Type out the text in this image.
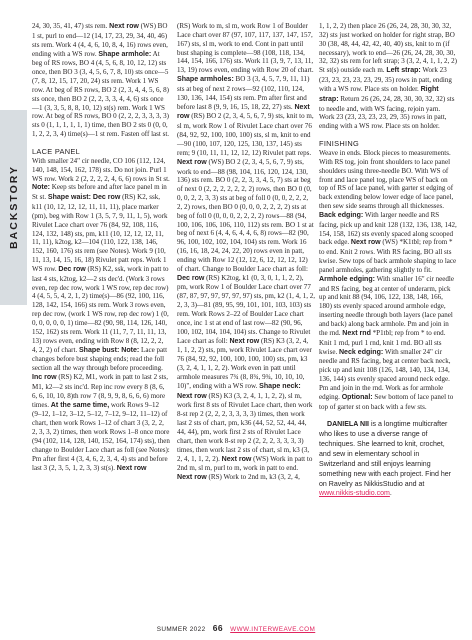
BACKSTORY

24, 30, 35, 41, 47) sts rem. Next row (WS) BO 1 st, purl to end—12 (14, 17, 23, 29, 34, 40, 46) sts rem. Work 4 (4, 4, 6, 10, 8, 4, 16) rows even, ending with a WS row. Shape armhole: At beg of RS rows, BO 4 (4, 5, 6, 8, 10, 12, 12) sts once, then BO 3 (3, 4, 5, 6, 7, 8, 10) sts once—5 (7, 8, 12, 15, 17, 20, 24) sts rem. Work 1 WS row. At beg of RS rows, BO 2 (2, 3, 4, 4, 5, 6, 8) sts once, then BO 2 (2, 2, 3, 3, 4, 4, 6) sts once—1 (3, 3, 5, 8, 8, 10, 12) st(s) rem. Work 1 WS row. At beg of RS rows, BO 0 (2, 2, 2, 3, 3, 3, 3) sts 0 (1, 1, 1, 1, 1, 1) time, then BO 2 sts 0 (0, 0, 1, 2, 2, 3, 4) time(s)—1 st rem. Fasten off last st.

LACE PANEL

With smaller 24" cir needle, CO 106 (112, 124, 140, 148, 154, 162, 178) sts. Do not join. Purl 1 WS row. Work 2 (2, 2, 2, 2, 4, 6, 6) rows in St st. Note: Keep sts before and after lace panel m in St st. Shape waist: Dec row (RS) K2, ssk, k11 (10, 12, 12, 12, 11, 11, 11), place marker (pm), beg with Row 1 (3, 5, 7, 9, 11, 1, 5), work Rivulet Lace chart over 76 (84, 92, 108, 116, 124, 132, 148) sts, pm, k11 (10, 12, 12, 12, 11, 11, 11), k2tog, k2—104 (110, 122, 138, 146, 152, 160, 176) sts rem (see Notes). Work 9 (10, 11, 13, 14, 15, 16, 18) Rivulet patt reps. Work 1 WS row. Dec row (RS) K2, ssk, work in patt to last 4 sts, k2tog, k2—2 sts dec'd. (Work 3 rows even, rep dec row, work 1 WS row, rep dec row) 4 (4, 5, 5, 4, 2, 1, 2) time(s)—86 (92, 100, 116, 128, 142, 154, 166) sts rem. Work 3 rows even, rep dec row, (work 1 WS row, rep dec row) 1 (0, 0, 0, 0, 0, 0, 1) time—82 (90, 98, 114, 126, 140, 152, 162) sts rem. Work 11 (11, 7, 7, 11, 11, 13, 13) rows even, ending with Row 8 (8, 12, 2, 2, 4, 2, 2) of chart. Shape bust: Note: Lace patt changes before bust shaping ends; read the foll section all the way through before proceeding. Inc row (RS) K2, M1, work in patt to last 2 sts, M1, k2—2 sts inc'd. Rep inc row every 8 (8, 6, 6, 6, 10, 10, 8)th row 7 (8, 9, 9, 8, 6, 6, 6) more times. At the same time, work Rows 9–12 (9–12, 1–12, 3–12, 5–12, 7–12, 9–12, 11–12) of chart, then work Rows 1–12 of chart 3 (3, 2, 2, 2, 3, 3, 2) times, then work Rows 1–8 once more (94 (102, 114, 128, 140, 152, 164, 174) sts), then change to Boulder Lace chart as foll (see Notes): Pm after first 4 (3, 4, 6, 2, 3, 4, 4) sts and before last 3 (2, 3, 5, 1, 2, 3, 3) st(s). Next row

(RS) Work to m, sl m, work Row 1 of Boulder Lace chart over 87 (97, 107, 117, 137, 147, 157, 167) sts, sl m, work to end. Cont in patt until bust shaping is complete—98 (108, 118, 134, 144, 154, 166, 176) sts. Work 11 (3, 9, 7, 13, 11, 13, 19) rows even, ending with Row 20 of chart. Shape armholes: BO 3 (3, 4, 5, 7, 9, 11, 11) sts at beg of next 2 rows—92 (102, 110, 124, 130, 136, 144, 154) sts rem. Pm after first and before last 8 (9, 9, 16, 15, 18, 22, 27) sts. Next row (RS) BO 2 (2, 3, 4, 5, 6, 7, 9) sts, knit to m, sl m, work Row 1 of Rivulet Lace chart over 76 (84, 92, 92, 100, 100, 100) sts, sl m, knit to end—90 (100, 107, 120, 125, 130, 137, 145) sts rem; 9 (10, 11, 11, 12, 12, 12) Rivulet patt reps. Next row (WS) BO 2 (2, 3, 4, 5, 6, 7, 9) sts, work to end—88 (98, 104, 116, 120, 124, 130, 136) sts rem. BO 0 (2, 2, 3, 3, 4, 5, 7) sts at beg of next 0 (2, 2, 2, 2, 2, 2, 2) rows, then BO 0 (0, 0, 0, 2, 2, 3, 3) sts at beg of foll 0 (0, 0, 2, 2, 2, 2, 2) rows, then BO 0 (0, 0, 0, 2, 2, 2, 2) sts at beg of foll 0 (0, 0, 0, 2, 2, 2, 2) rows—88 (94, 100, 106, 106, 106, 110, 112) sts rem. BO 1 st at beg of next 6 (4, 4, 6, 4, 4, 6, 8) rows—82 (90, 96, 100, 102, 102, 104, 104) sts rem. Work 16 (16, 16, 18, 24, 24, 22, 20) rows even in patt, ending with Row 12 (12, 12, 6, 12, 12, 12, 12) of chart. Change to Boulder Lace chart as foll: Dec row (RS) K2tog, k1 (0, 3, 0, 1, 1, 2, 2), pm, work Row 1 of Boulder Lace chart over 77 (87, 87, 97, 97, 97, 97, 97) sts, pm, k2 (1, 4, 1, 2, 2, 3, 3)—81 (89, 95, 99, 101, 101, 103, 103) sts rem. Work Rows 2–22 of Boulder Lace chart once, inc 1 st at end of last row—82 (90, 96, 100, 102, 104, 104, 104) sts. Change to Rivulet Lace chart as foll: Next row (RS) K3 (3, 2, 4, 1, 1, 2, 2) sts, pm, work Rivulet Lace chart over 76 (84, 92, 92, 100, 100, 100, 100) sts, pm, k3 (3, 2, 4, 1, 1, 2, 2). Work even in patt until armhole measures 7¾ (8, 8¾, 9¾, 10, 10, 10, 10)", ending with a WS row. Shape neck: Next row (RS) K3 (3, 2, 4, 1, 1, 2, 2), sl m, work first 8 sts of Rivulet Lace chart, then work 8-st rep 2 (2, 2, 2, 3, 3, 3, 3) times, then work last 2 sts of chart, pm, k36 (44, 52, 52, 44, 44, 44, 44), pm, work first 2 sts of Rivulet Lace chart, then work 8-st rep 2 (2, 2, 2, 3, 3, 3, 3) times, then work last 2 sts of chart, sl m, k3 (3, 2, 4, 1, 1, 2, 2). Next row (WS) Work in patt to 2nd m, sl m, purl to m, work in patt to end. Next row (RS) Work to 2nd m, k3 (3, 2, 4,

1, 1, 2, 2) then place 26 (26, 24, 28, 30, 30, 32, 32) sts just worked on holder for right strap, BO 30 (38, 48, 44, 42, 42, 40, 40) sts, knit to m (if necessary), work to end—26 (26, 24, 28, 30, 30, 32, 32) sts rem for left strap; 3 (3, 2, 4, 1, 1, 2, 2) St st(s) outside each m. Left strap: Work 23 (23, 23, 23, 23, 23, 29, 35) rows in patt, ending with a WS row. Place sts on holder. Right strap: Return 26 (26, 24, 28, 30, 30, 32, 32) sts to needle and, with WS facing, rejoin yarn. Work 23 (23, 23, 23, 23, 29, 35) rows in patt, ending with a WS row. Place sts on holder.

FINISHING

Weave in ends. Block pieces to measurements. With RS tog, join front shoulders to lace panel shoulders using three-needle BO. With WS of front and lace panel tog, place WS of back on top of RS of lace panel, with garter st edging of back extending below lower edge of lace panel, then sew side seams through all thicknesses. Back edging: With larger needle and RS facing, pick up and knit 128 (132, 136, 138, 142, 154, 158, 162) sts evenly spaced along scooped back edge. Next row (WS) *K1tbl; rep from * to end. Knit 2 rows. With RS facing, BO all sts kwise. Sew tops of back armhole shaping to lace panel armholes, gathering slightly to fit. Armhole edging: With smaller 16" cir needle and RS facing, beg at center of underarm, pick up and knit 88 (94, 106, 122, 138, 148, 166, 180) sts evenly spaced around armhole edge, inserting needle through both layers (lace panel and back) along back armhole. Pm and join in the rnd. Next rnd *P1tbl; rep from * to end. Knit 1 rnd, purl 1 rnd, knit 1 rnd. BO all sts kwise. Neck edging: With smaller 24" cir needle and RS facing, beg at center back neck, pick up and knit 108 (126, 148, 140, 134, 134, 136, 144) sts evenly spaced around neck edge. Pm and join in the rnd. Work as for armhole edging. Optional: Sew bottom of lace panel to top of garter st on back with a few sts.

DANIELA NII is a longtime multicrafter who likes to use a diverse range of techniques. She learned to knit, crochet, and sew in elementary school in Switzerland and still enjoys learning something new with each project. Find her on Ravelry as NikkisStudio and at www.nikkis-studio.com.

SUMMER 2022 66 WWW.INTERWEAVE.COM
